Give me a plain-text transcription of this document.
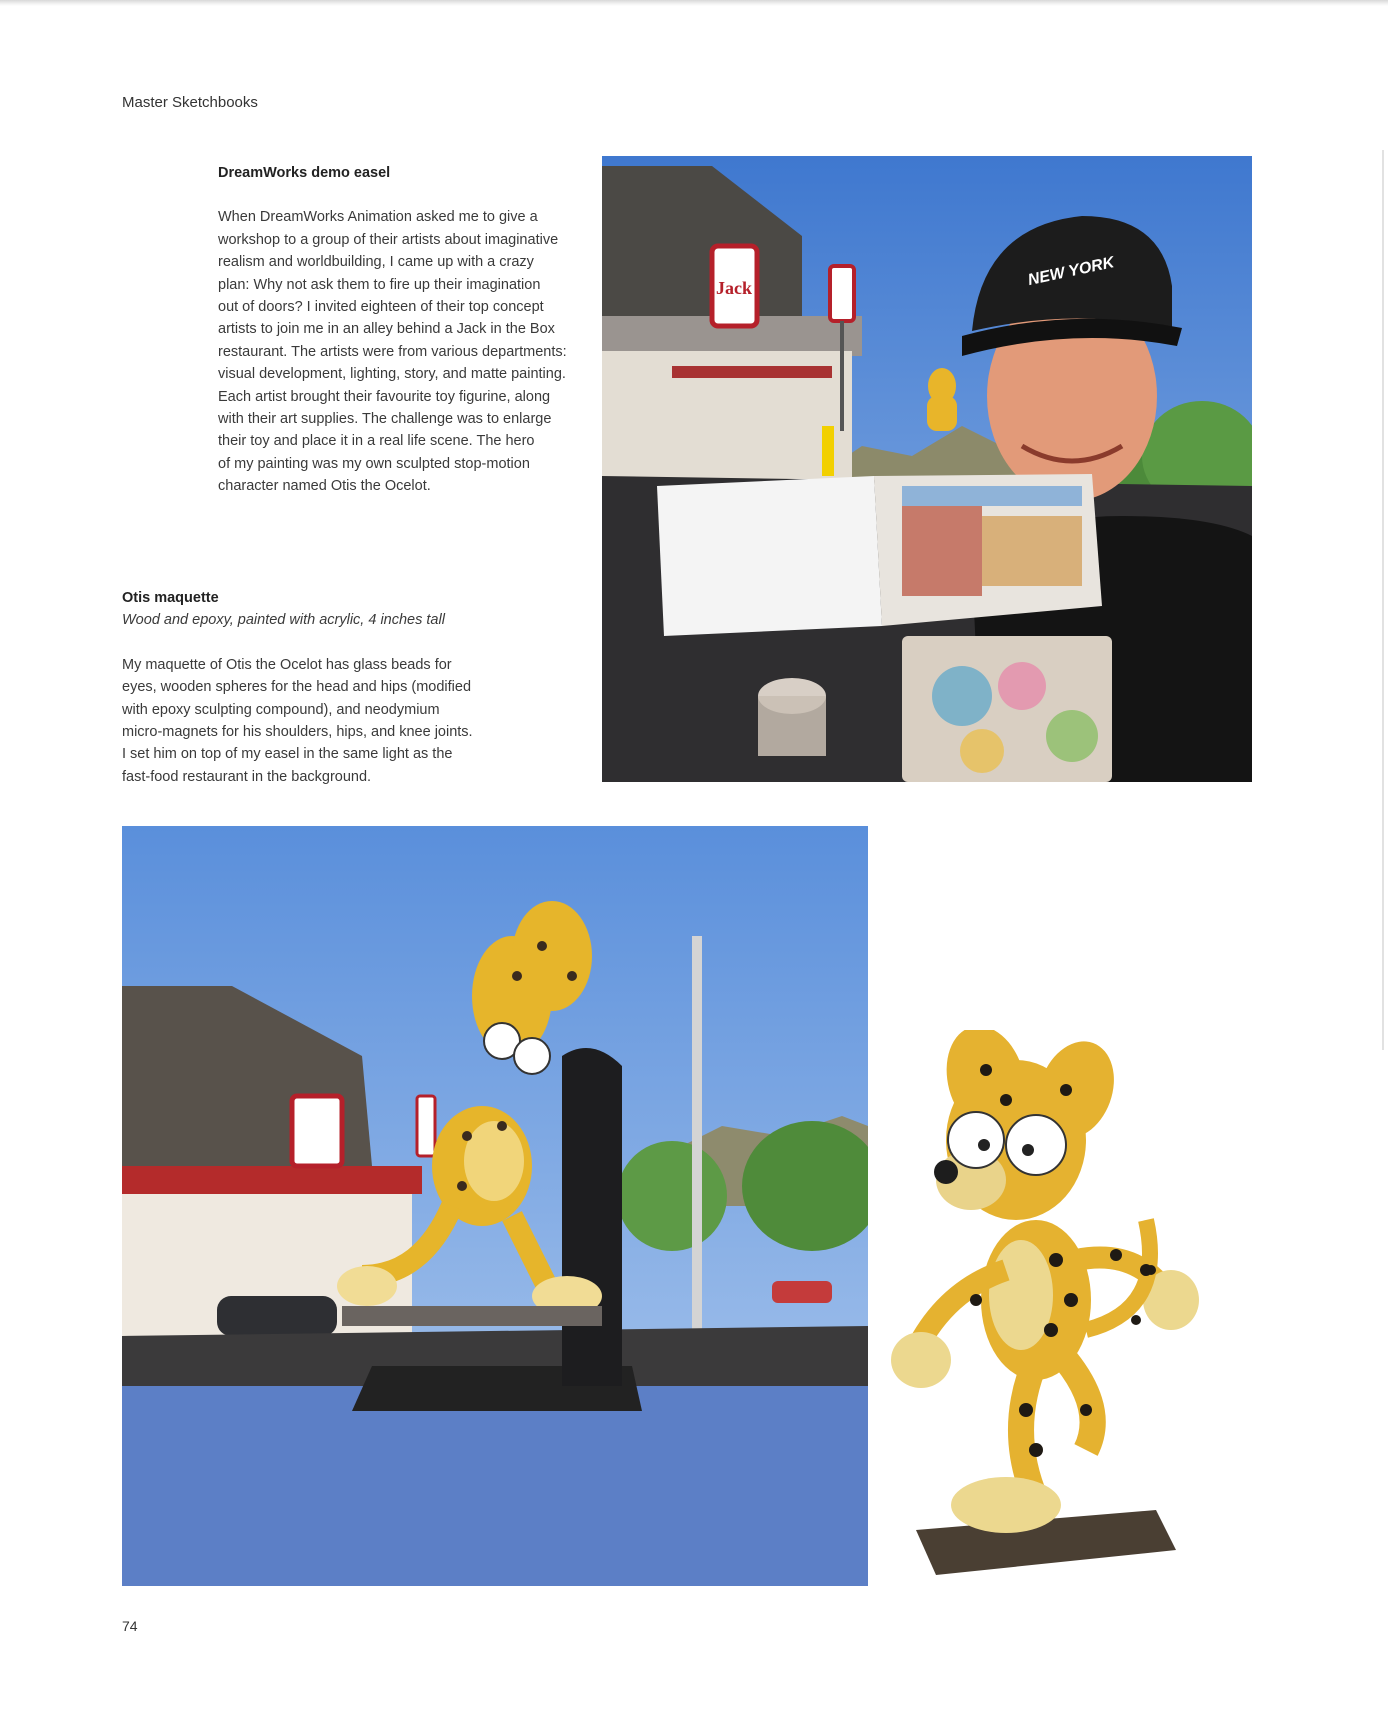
Master Sketchbooks
DreamWorks demo easel

When DreamWorks Animation asked me to give a
workshop to a group of their artists about imaginative
realism and worldbuilding, I came up with a crazy
plan: Why not ask them to fire up their imagination
out of doors? I invited eighteen of their top concept
artists to join me in an alley behind a Jack in the Box
restaurant. The artists were from various departments:
visual development, lighting, story, and matte painting.
Each artist brought their favourite toy figurine, along
with their art supplies. The challenge was to enlarge
their toy and place it in a real life scene. The hero
of my painting was my own sculpted stop-motion
character named Otis the Ocelot.

Otis maquette

Wood and epoxy, painted with acrylic, 4 inches tall

My maquette of Otis the Ocelot has glass beads for
eyes, wooden spheres for the head and hips (modified
with epoxy sculpting compound), and neodymium
micro-magnets for his shoulders, hips, and knee joints.
I set him on top of my easel in the same light as the
fast-food restaurant in the background.

Jack	NEW YORK
74
